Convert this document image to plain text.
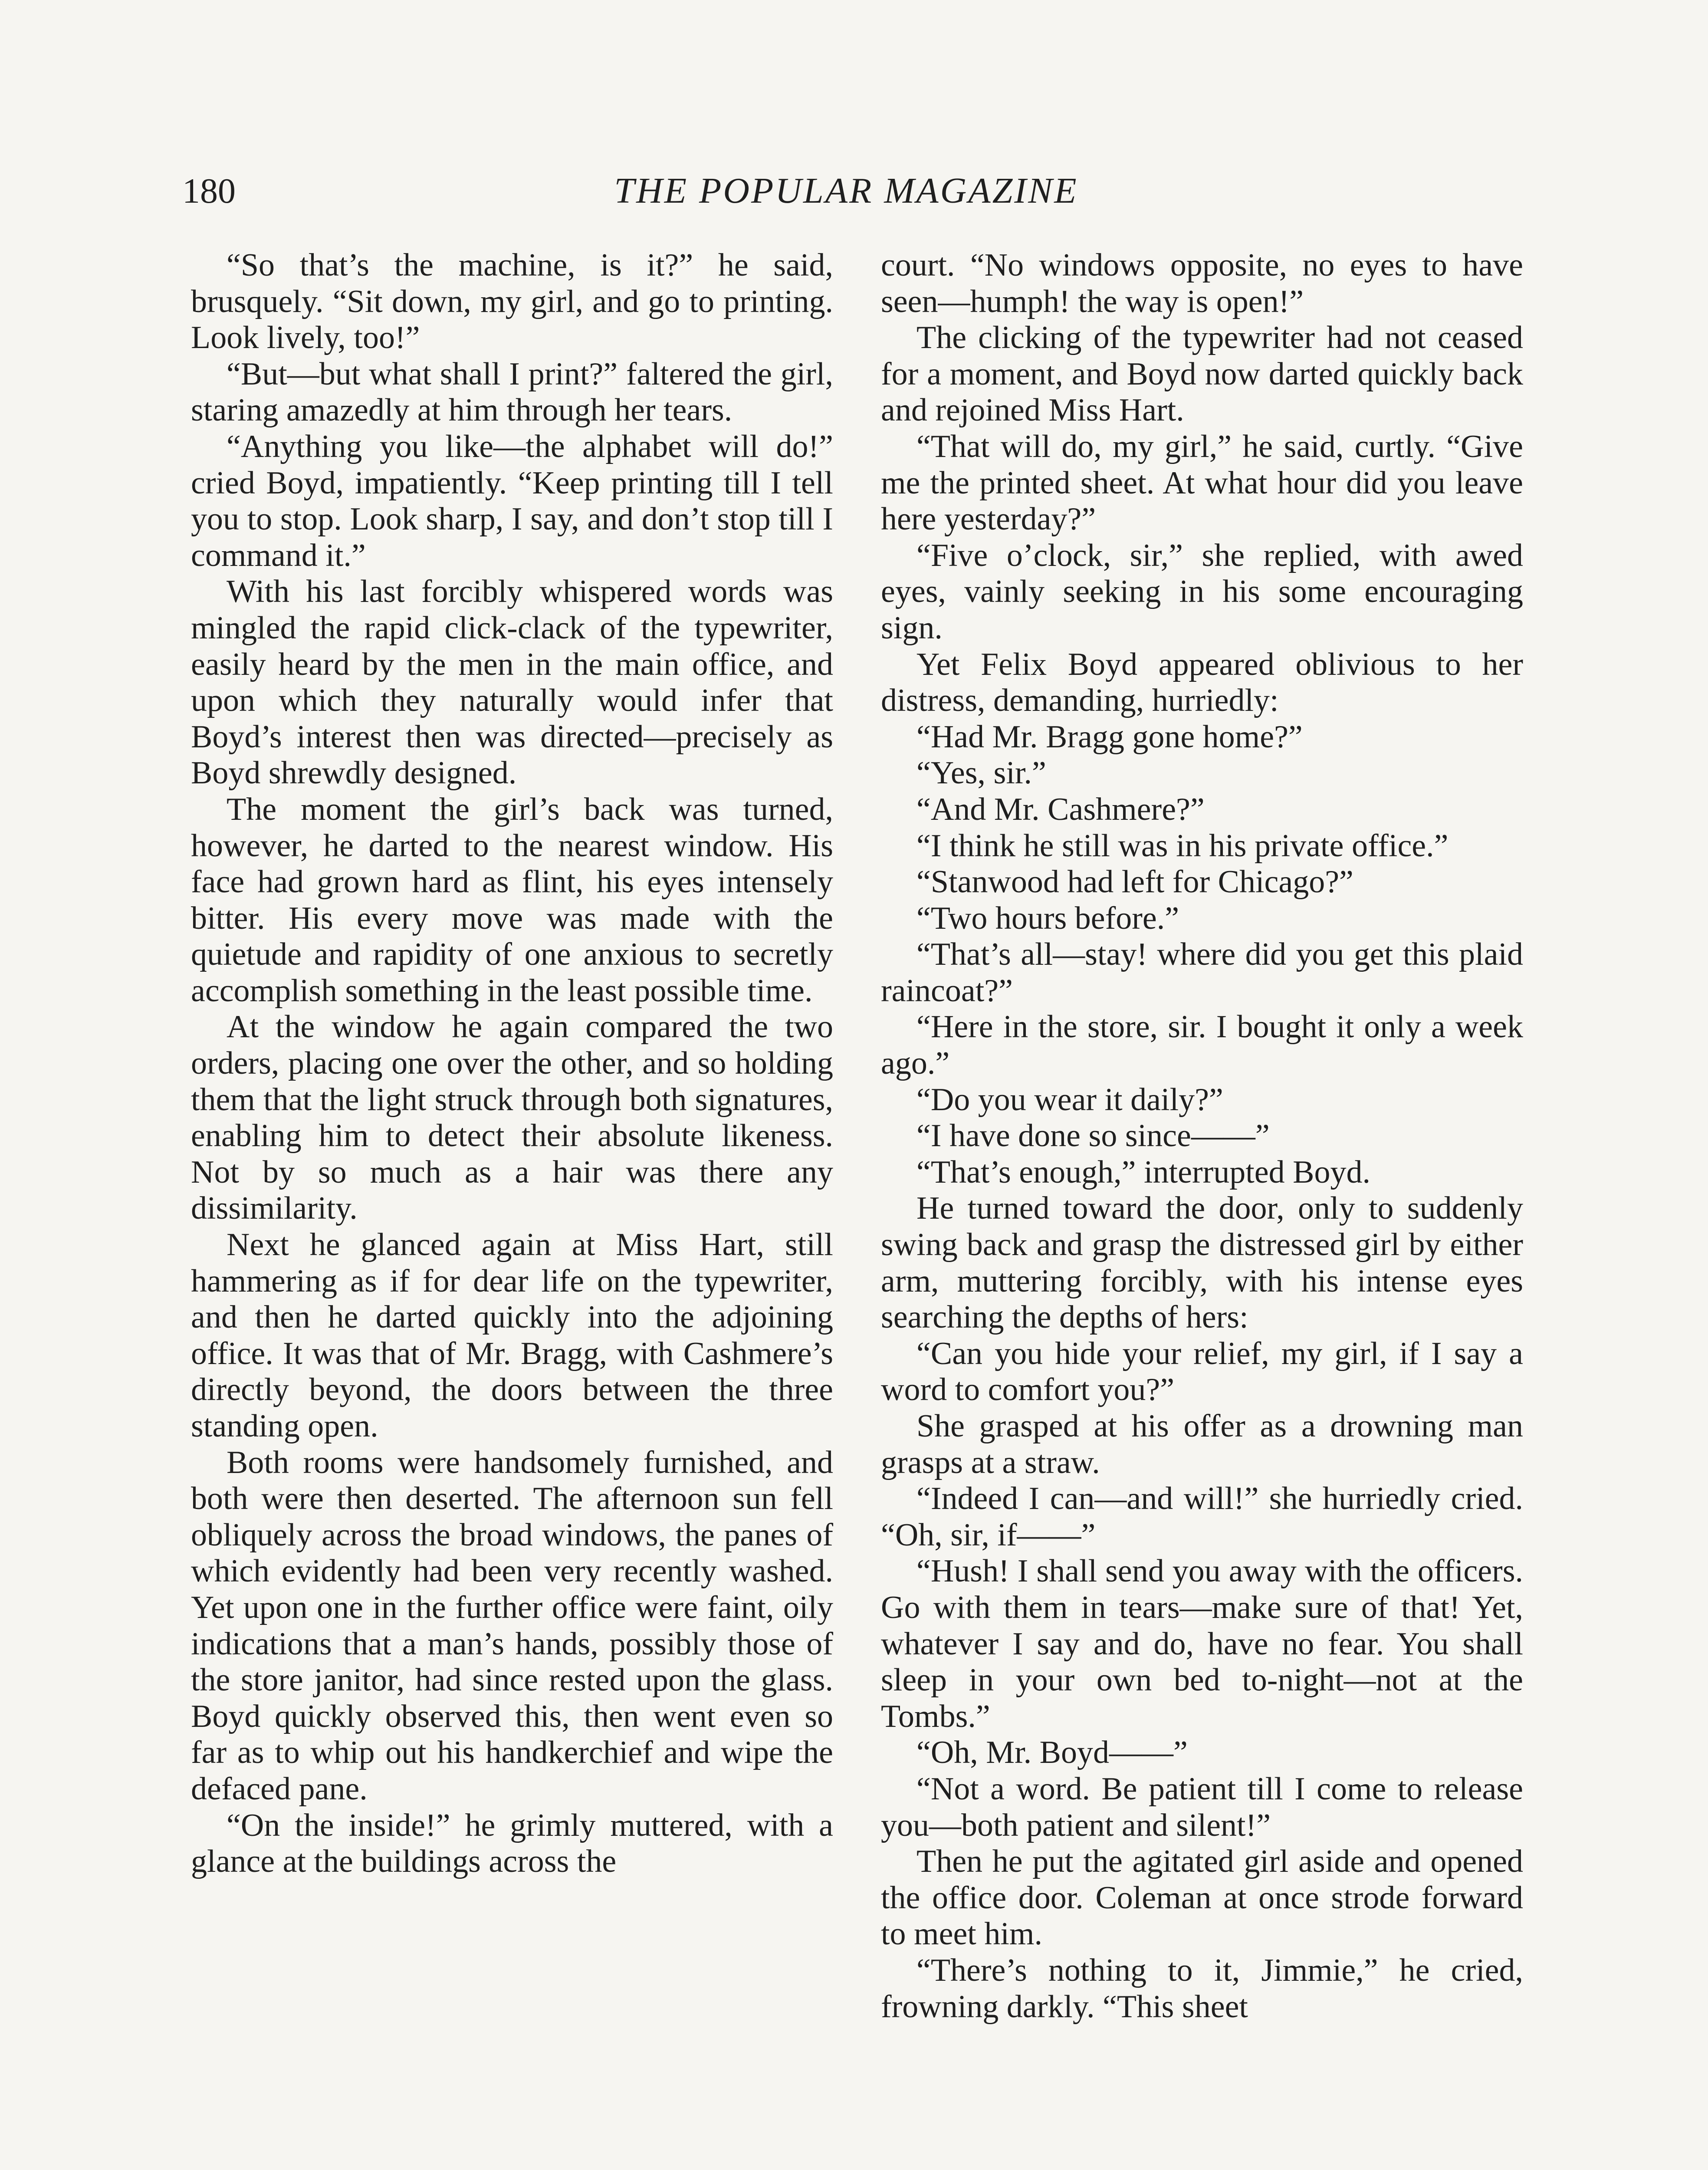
180	THE POPULAR MAGAZINE

“So that’s the machine, is it?” he said, brusquely. “Sit down, my girl, and go to printing. Look lively, too!”

“But—but what shall I print?” faltered the girl, staring amazedly at him through her tears.

“Anything you like—the alphabet will do!” cried Boyd, impatiently. “Keep printing till I tell you to stop. Look sharp, I say, and don’t stop till I command it.”

With his last forcibly whispered words was mingled the rapid click-clack of the typewriter, easily heard by the men in the main office, and upon which they naturally would infer that Boyd’s interest then was directed—precisely as Boyd shrewdly designed.

The moment the girl’s back was turned, however, he darted to the nearest window. His face had grown hard as flint, his eyes intensely bitter. His every move was made with the quietude and rapidity of one anxious to secretly accomplish something in the least possible time.

At the window he again compared the two orders, placing one over the other, and so holding them that the light struck through both signatures, enabling him to detect their absolute likeness. Not by so much as a hair was there any dissimilarity.

Next he glanced again at Miss Hart, still hammering as if for dear life on the typewriter, and then he darted quickly into the adjoining office. It was that of Mr. Bragg, with Cashmere’s directly beyond, the doors between the three standing open.

Both rooms were handsomely furnished, and both were then deserted. The afternoon sun fell obliquely across the broad windows, the panes of which evidently had been very recently washed. Yet upon one in the further office were faint, oily indications that a man’s hands, possibly those of the store janitor, had since rested upon the glass. Boyd quickly observed this, then went even so far as to whip out his handkerchief and wipe the defaced pane.

“On the inside!” he grimly muttered, with a glance at the buildings across the

court. “No windows opposite, no eyes to have seen—humph! the way is open!”

The clicking of the typewriter had not ceased for a moment, and Boyd now darted quickly back and rejoined Miss Hart.

“That will do, my girl,” he said, curtly. “Give me the printed sheet. At what hour did you leave here yesterday?”

“Five o’clock, sir,” she replied, with awed eyes, vainly seeking in his some encouraging sign.

Yet Felix Boyd appeared oblivious to her distress, demanding, hurriedly:

“Had Mr. Bragg gone home?”

“Yes, sir.”

“And Mr. Cashmere?”

“I think he still was in his private office.”

“Stanwood had left for Chicago?”

“Two hours before.”

“That’s all—stay! where did you get this plaid raincoat?”

“Here in the store, sir. I bought it only a week ago.”

“Do you wear it daily?”

“I have done so since——”

“That’s enough,” interrupted Boyd.

He turned toward the door, only to suddenly swing back and grasp the distressed girl by either arm, muttering forcibly, with his intense eyes searching the depths of hers:

“Can you hide your relief, my girl, if I say a word to comfort you?”

She grasped at his offer as a drowning man grasps at a straw.

“Indeed I can—and will!” she hurriedly cried. “Oh, sir, if——”

“Hush! I shall send you away with the officers. Go with them in tears—make sure of that! Yet, whatever I say and do, have no fear. You shall sleep in your own bed to-night—not at the Tombs.”

“Oh, Mr. Boyd——”

“Not a word. Be patient till I come to release you—both patient and silent!”

Then he put the agitated girl aside and opened the office door. Coleman at once strode forward to meet him.

“There’s nothing to it, Jimmie,” he cried, frowning darkly. “This sheet
